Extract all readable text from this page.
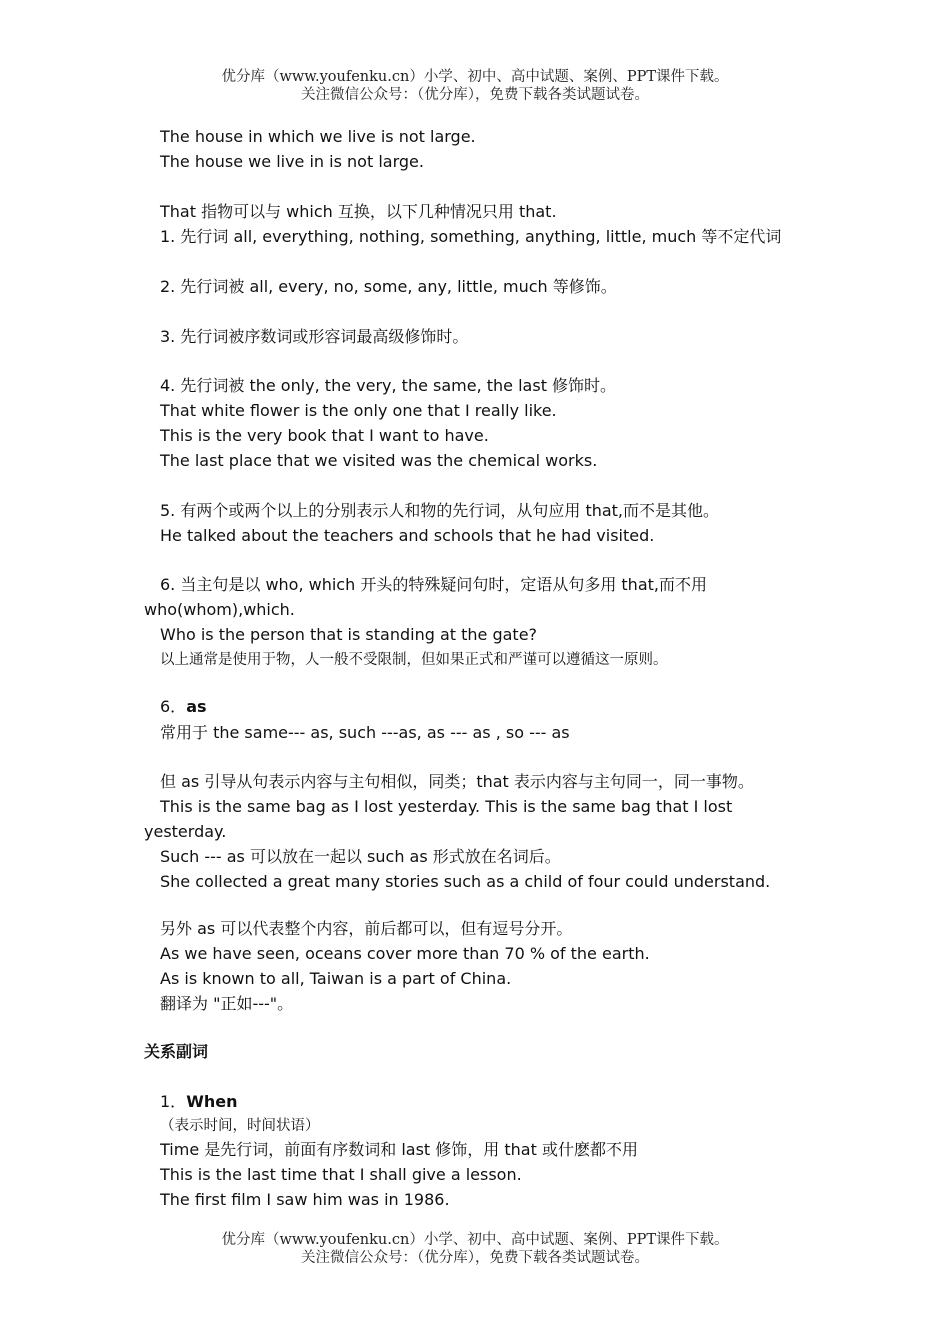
优分库（www.youfenku.cn）小学、初中、高中试题、案例、PPT课件下载。
关注微信公众号：（优分库），免费下载各类试题试卷。
The house in which we live is not large.
The house we live in is not large.
That 指物可以与 which 互换，以下几种情况只用 that.
1. 先行词 all, everything, nothing, something, anything, little, much 等不定代词
2. 先行词被 all, every, no, some, any, little, much 等修饰。
3. 先行词被序数词或形容词最高级修饰时。
4. 先行词被 the only, the very, the same, the last 修饰时。
That white flower is the only one that I really like.
This is the very book that I want to have.
The last place that we visited was the chemical works.
5. 有两个或两个以上的分别表示人和物的先行词，从句应用 that,而不是其他。
He talked about the teachers and schools that he had visited.
6. 当主句是以 who, which 开头的特殊疑问句时，定语从句多用 that,而不用
who(whom),which.
Who is the person that is standing at the gate?
以上通常是使用于物，人一般不受限制，但如果正式和严谨可以遵循这一原则。
6．as
常用于 the same--- as, such ---as, as --- as , so --- as
但 as 引导从句表示内容与主句相似，同类；that 表示内容与主句同一，同一事物。
This is the same bag as I lost yesterday. This is the same bag that I lost
yesterday.
Such --- as 可以放在一起以 such as 形式放在名词后。
She collected a great many stories such as a child of four could understand.
另外 as 可以代表整个内容，前后都可以，但有逗号分开。
As we have seen, oceans cover more than 70 % of the earth.
As is known to all, Taiwan is a part of China.
翻译为 "正如---"。
关系副词
1．When
（表示时间，时间状语）
Time 是先行词，前面有序数词和 last 修饰，用 that 或什麽都不用
This is the last time that I shall give a lesson.
The first film I saw him was in 1986.
优分库（www.youfenku.cn）小学、初中、高中试题、案例、PPT课件下载。
关注微信公众号：（优分库），免费下载各类试题试卷。
